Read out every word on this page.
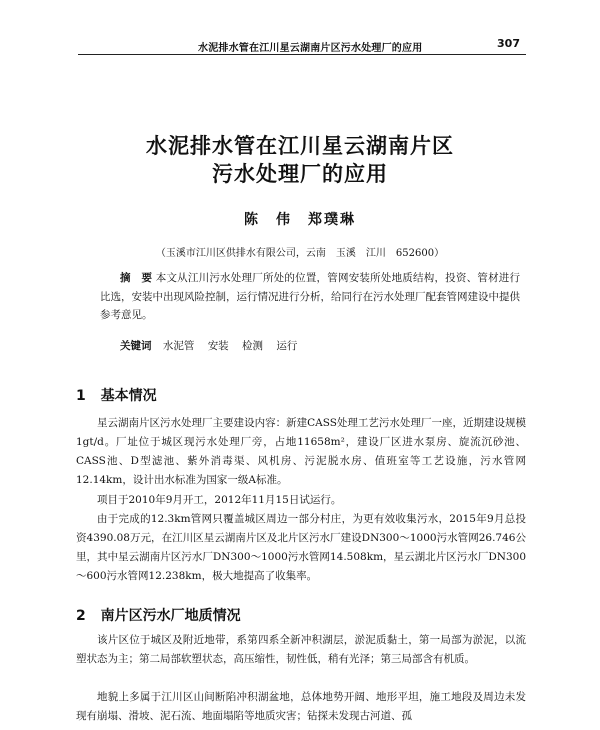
水泥排水管在江川星云湖南片区污水处理厂的应用	307
水泥排水管在江川星云湖南片区
污水处理厂的应用
陈　伟　郑璞琳
（玉溪市江川区供排水有限公司，云南　玉溪　江川　652600）
摘　要 本文从江川污水处理厂所处的位置，管网安装所处地质结构，投资、管材进行比选，安装中出现风险控制，运行情况进行分析，给同行在污水处理厂配套管网建设中提供参考意见。
关键词 水泥管 安装 检测 运行
1 基本情况

星云湖南片区污水处理厂主要建设内容：新建CASS处理工艺污水处理厂一座，近期建设规模1gt/d。厂址位于城区现污水处理厂旁，占地11658m²，建设厂区进水泵房、旋流沉砂池、CASS池、D型滤池、紫外消毒渠、风机房、污泥脱水房、值班室等工艺设施，污水管网12.14km，设计出水标准为国家一级A标准。

项目于2010年9月开工，2012年11月15日试运行。

由于完成的12.3km管网只覆盖城区周边一部分村庄，为更有效收集污水，2015年9月总投资4390.08万元，在江川区星云湖南片区及北片区污水厂建设DN300～1000污水管网26.746公里，其中星云湖南片区污水厂DN300～1000污水管网14.508km，星云湖北片区污水厂DN300～600污水管网12.238km，极大地提高了收集率。

2 南片区污水厂地质情况

该片区位于城区及附近地带，系第四系全新冲积湖层，淤泥质黏土，第一局部为淤泥，以流塑状态为主；第二局部软塑状态，高压缩性，韧性低，稍有光泽；第三局部含有机质。

地貌上多属于江川区山间断陷冲积湖盆地，总体地势开阔、地形平坦，施工地段及周边未发现有崩塌、滑坡、泥石流、地面塌陷等地质灾害；钻探未发现古河道、孤
